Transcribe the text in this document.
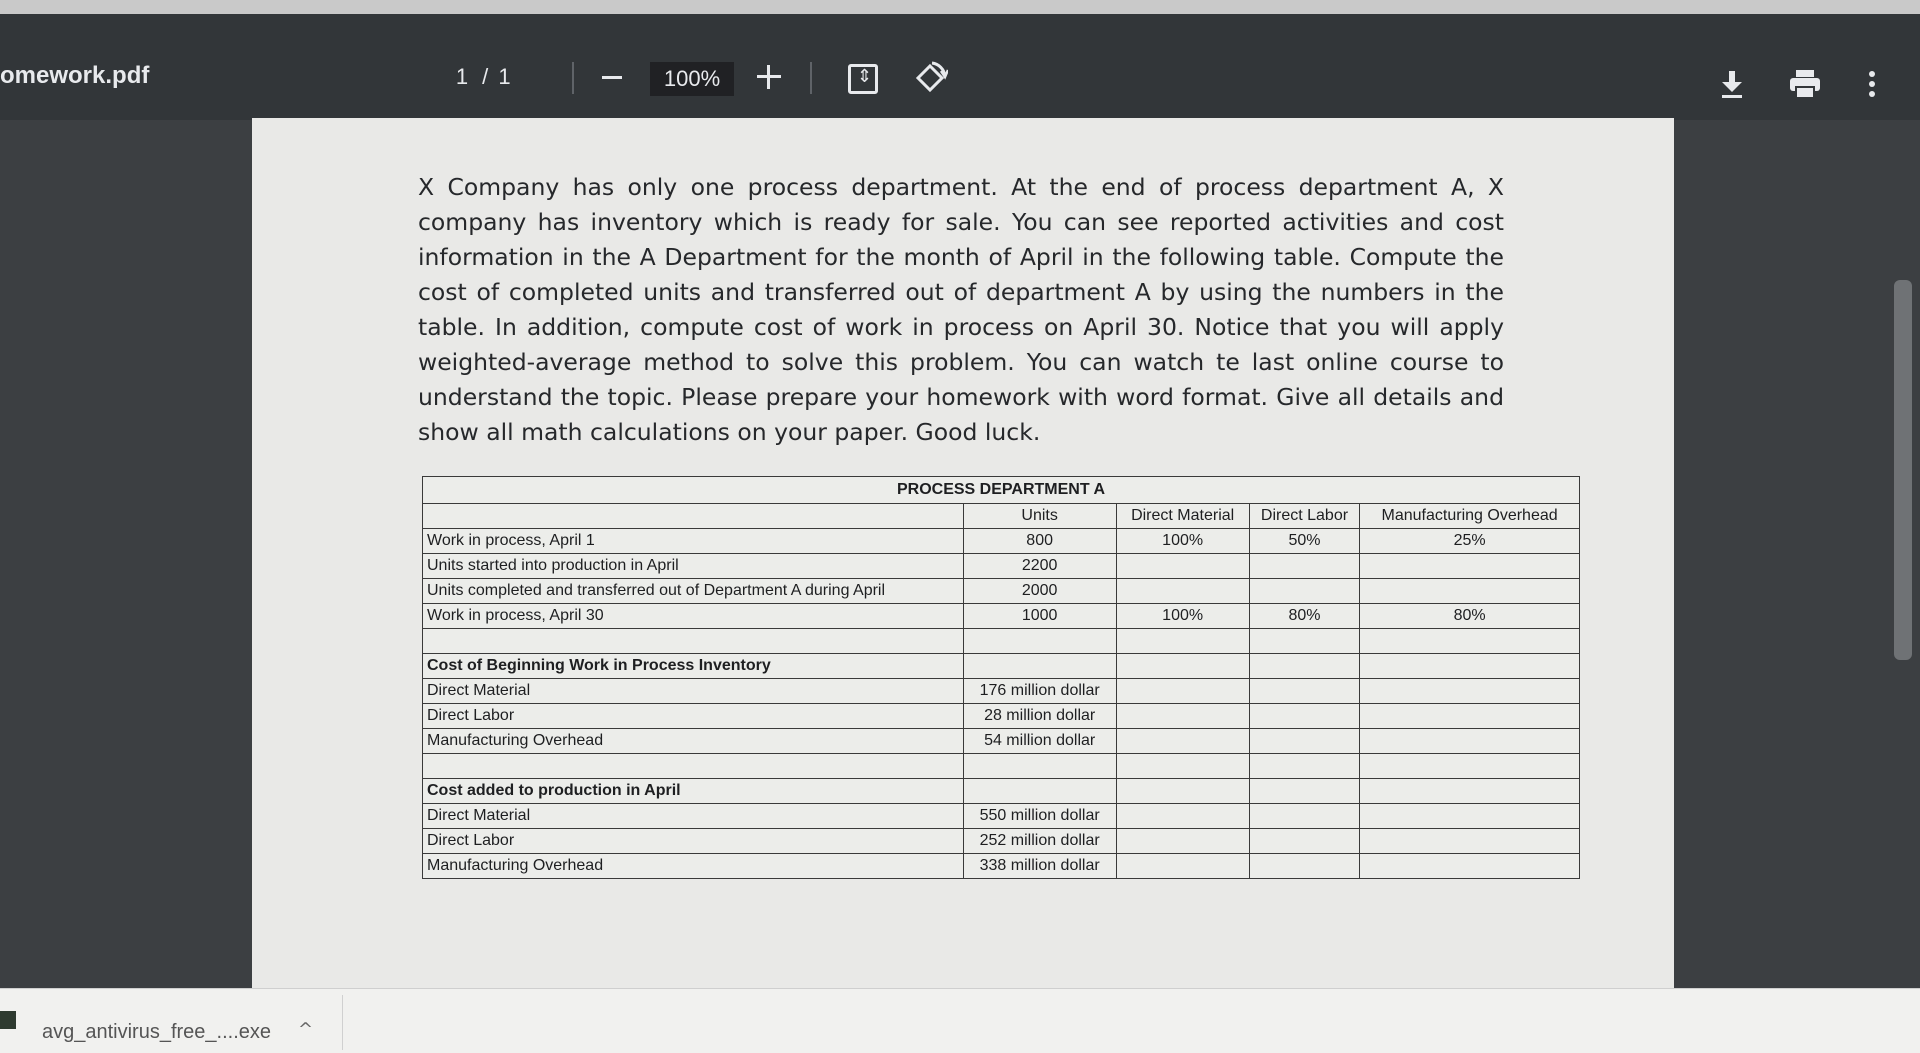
omework.pdf	1 / 1	100%
⇕
X Company has only one process department. At the end of process department A, X company has inventory which is ready for sale. You can see reported activities and cost information in the A Department for the month of April in the following table. Compute the cost of completed units and transferred out of department A by using the numbers in the table. In addition, compute cost of work in process on April 30. Notice that you will apply weighted-average method to solve this problem. You can watch te last online course to understand the topic. Please prepare your homework with word format. Give all details and show all math calculations on your paper. Good luck.
PROCESS DEPARTMENT A				
	Units	Direct Material	Direct Labor	Manufacturing Overhead
Work in process, April 1	800	100%	50%	25%
Units started into production in April	2200			
Units completed and transferred out of Department A during April	2000			
Work in process, April 30	1000	100%	80%	80%

Cost of Beginning Work in Process Inventory				
Direct Material	176 million dollar			
Direct Labor	28 million dollar			
Manufacturing Overhead	54 million dollar			

Cost added to production in April				
Direct Material	550 million dollar			
Direct Labor	252 million dollar			
Manufacturing Overhead	338 million dollar			
avg_antivirus_free_....exe ^
